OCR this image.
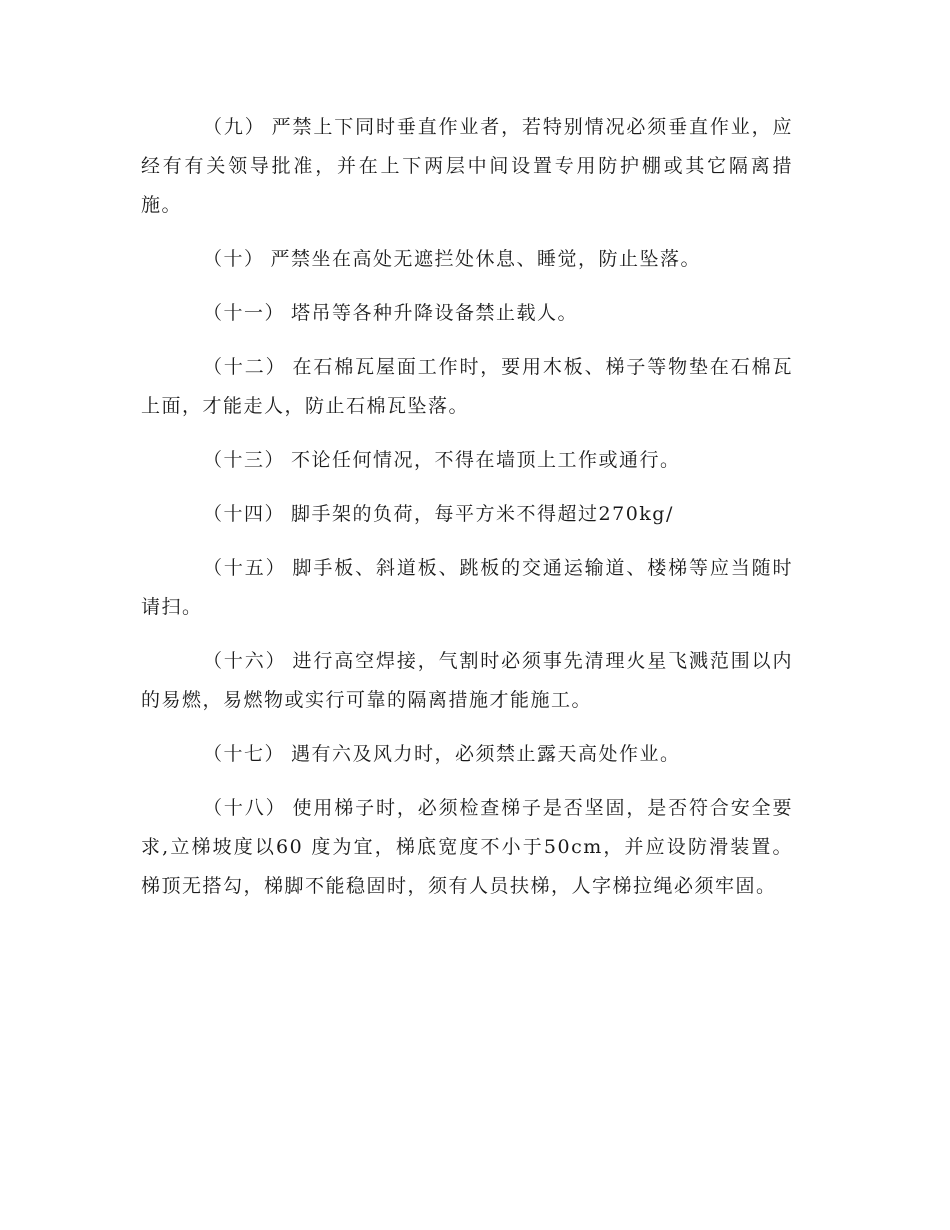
（九） 严禁上下同时垂直作业者，若特别情况必须垂直作业，应经有有关领导批准，并在上下两层中间设置专用防护棚或其它隔离措施。

（十） 严禁坐在高处无遮拦处休息、睡觉，防止坠落。

（十一） 塔吊等各种升降设备禁止载人。

（十二） 在石棉瓦屋面工作时，要用木板、梯子等物垫在石棉瓦上面，才能走人，防止石棉瓦坠落。

（十三） 不论任何情况，不得在墙顶上工作或通行。

（十四） 脚手架的负荷，每平方米不得超过270kg/

（十五） 脚手板、斜道板、跳板的交通运输道、楼梯等应当随时请扫。

（十六） 进行高空焊接，气割时必须事先清理火星飞溅范围以内的易燃，易燃物或实行可靠的隔离措施才能施工。

（十七） 遇有六及风力时，必须禁止露天高处作业。

（十八） 使用梯子时，必须检查梯子是否坚固，是否符合安全要求,立梯坡度以60 度为宜，梯底宽度不小于50cm，并应设防滑装置。梯顶无搭勾，梯脚不能稳固时，须有人员扶梯，人字梯拉绳必须牢固。
